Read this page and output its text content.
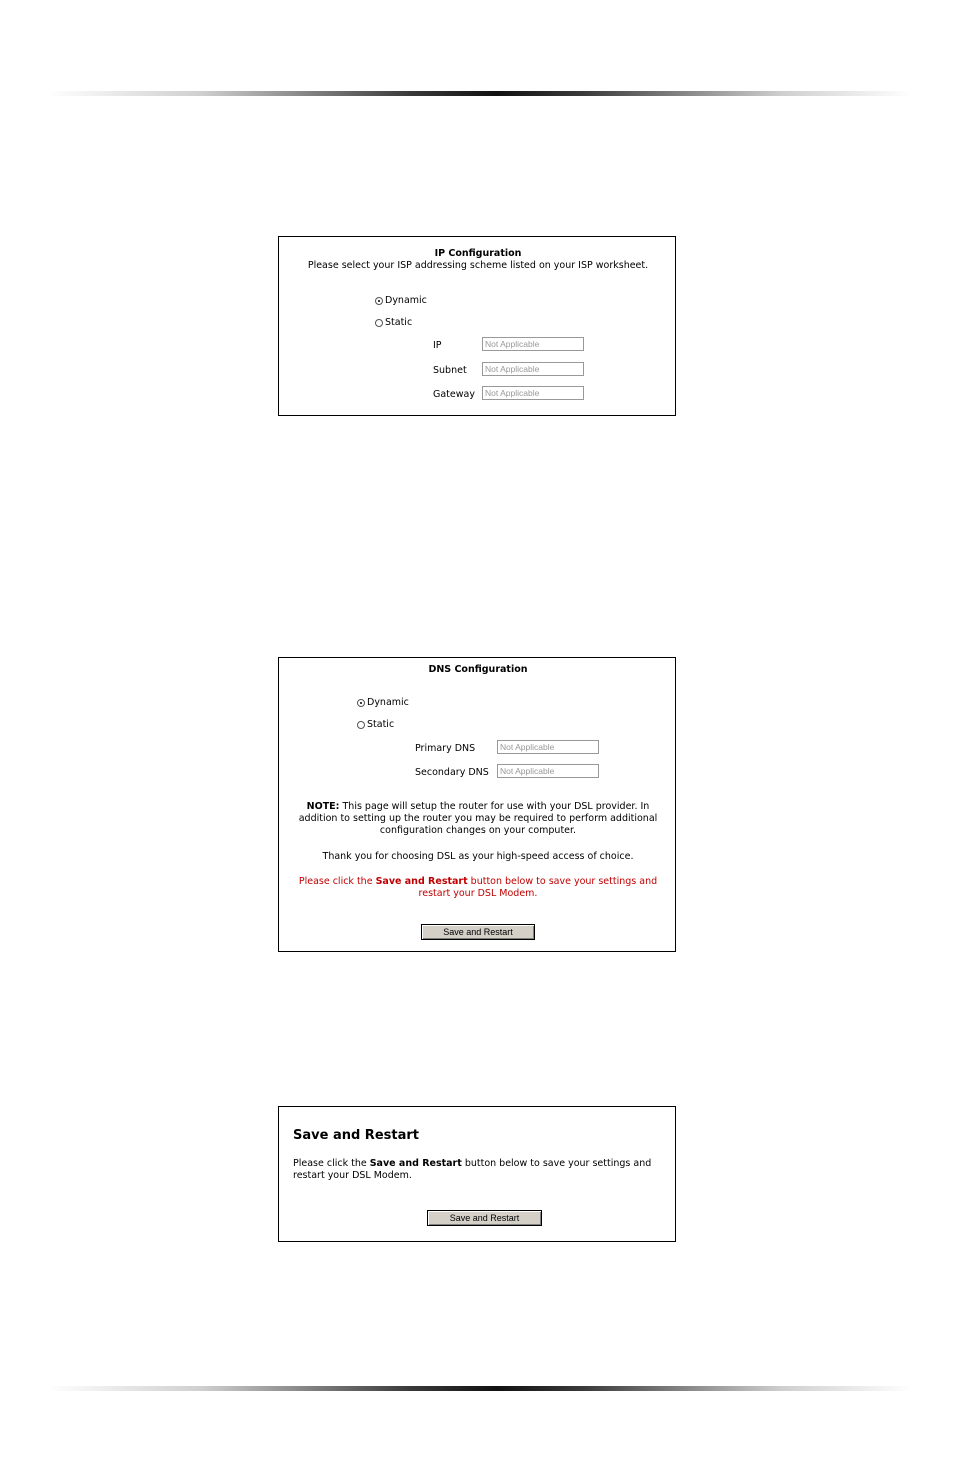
IP Configuration
Please select your ISP addressing scheme listed on your ISP worksheet.
Dynamic
Static
IP	Not Applicable
Subnet	Not Applicable
Gateway	Not Applicable
DNS Configuration
Dynamic
Static
Primary DNS	Not Applicable
Secondary DNS	Not Applicable
NOTE: This page will setup the router for use with your DSL provider. In
addition to setting up the router you may be required to perform additional
configuration changes on your computer.
Thank you for choosing DSL as your high-speed access of choice.
Please click the Save and Restart button below to save your settings and
restart your DSL Modem.
Save and Restart
Save and Restart
Please click the Save and Restart button below to save your settings and
restart your DSL Modem.
Save and Restart
